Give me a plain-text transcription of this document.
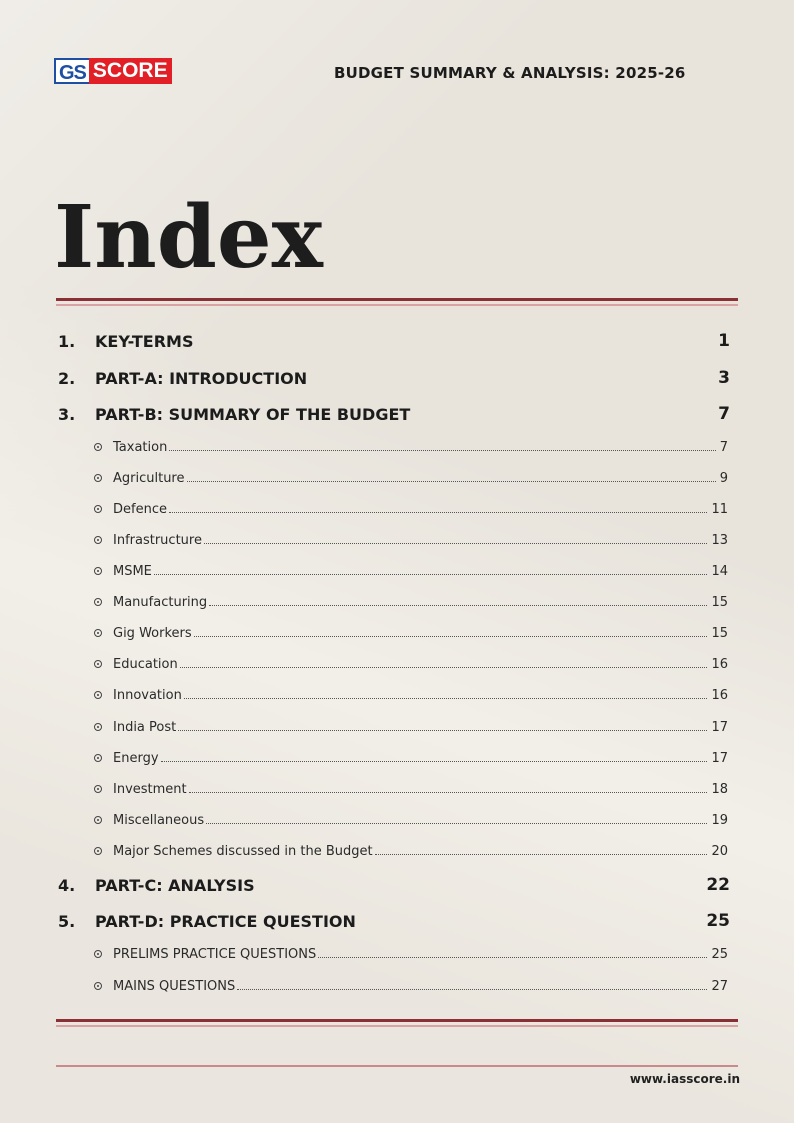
GS SCORE	BUDGET SUMMARY & ANALYSIS: 2025-26
Index
1.	KEY-TERMS	1
2.	PART-A: INTRODUCTION	3
3.	PART-B: SUMMARY OF THE BUDGET	7
Taxation	7
Agriculture	9
Defence	11
Infrastructure	13
MSME	14
Manufacturing	15
Gig Workers	15
Education	16
Innovation	16
India Post	17
Energy	17
Investment	18
Miscellaneous	19
Major Schemes discussed in the Budget	20
4.	PART-C: ANALYSIS	22
5.	PART-D: PRACTICE QUESTION	25
PRELIMS PRACTICE QUESTIONS	25
MAINS QUESTIONS	27
www.iasscore.in
